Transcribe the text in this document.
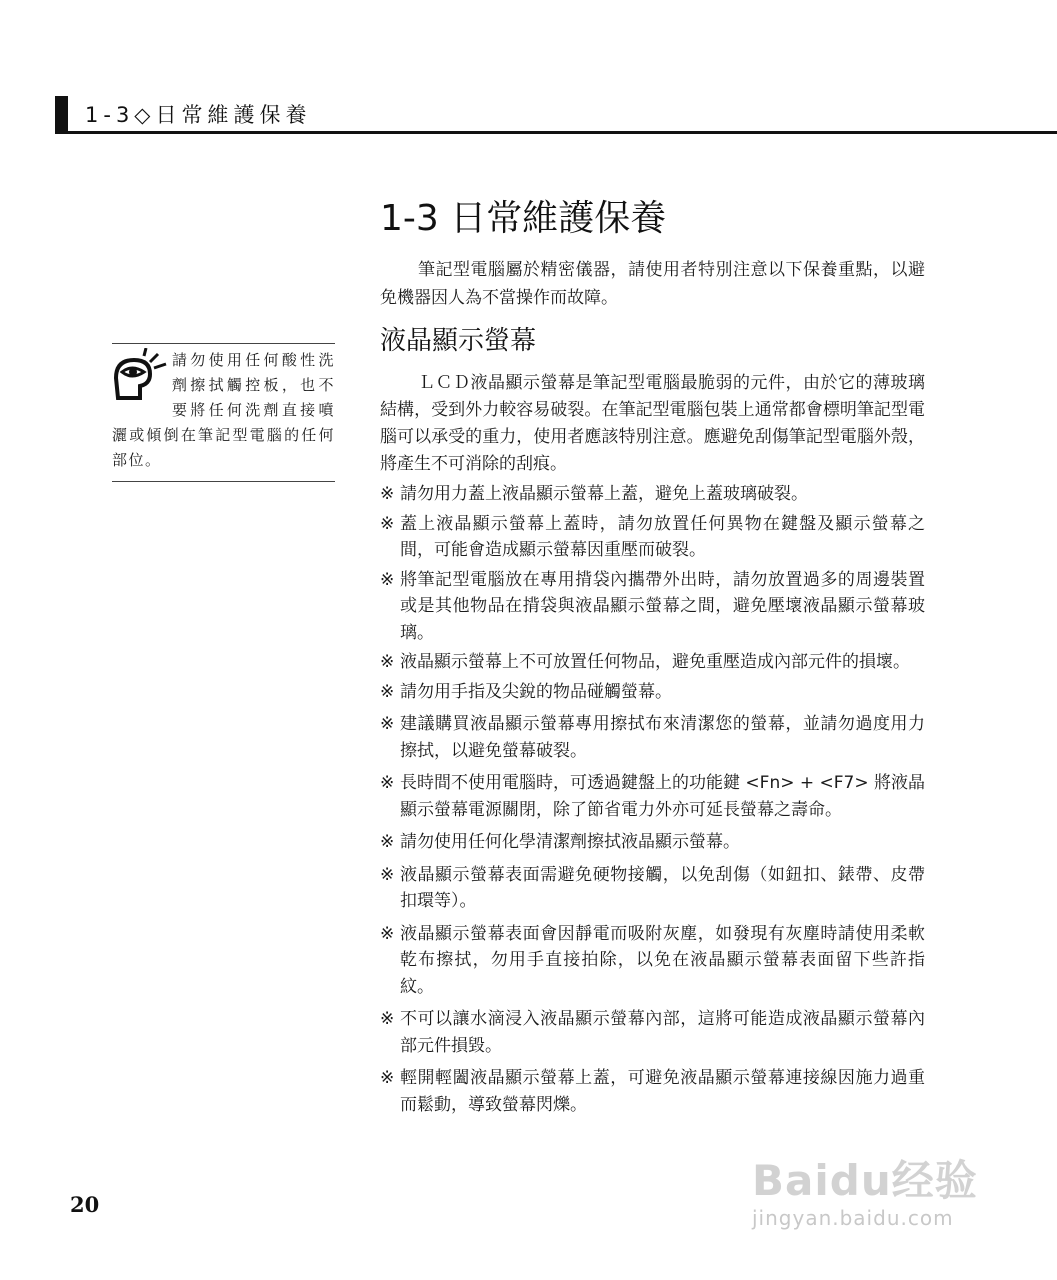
1-3◇日常維護保養
1-3 日常維護保養

筆記型電腦屬於精密儀器，請使用者特別注意以下保養重點，以避免機器因人為不當操作而故障。

液晶顯示螢幕

ＬＣＤ液晶顯示螢幕是筆記型電腦最脆弱的元件，由於它的薄玻璃結構，受到外力較容易破裂。在筆記型電腦包裝上通常都會標明筆記型電腦可以承受的重力，使用者應該特別注意。應避免刮傷筆記型電腦外殼，將產生不可消除的刮痕。

※ 請勿用力蓋上液晶顯示螢幕上蓋，避免上蓋玻璃破裂。
※ 蓋上液晶顯示螢幕上蓋時，請勿放置任何異物在鍵盤及顯示螢幕之間，可能會造成顯示螢幕因重壓而破裂。
※ 將筆記型電腦放在專用揹袋內攜帶外出時，請勿放置過多的周邊裝置或是其他物品在揹袋與液晶顯示螢幕之間，避免壓壞液晶顯示螢幕玻璃。
※ 液晶顯示螢幕上不可放置任何物品，避免重壓造成內部元件的損壞。
※ 請勿用手指及尖銳的物品碰觸螢幕。
※ 建議購買液晶顯示螢幕專用擦拭布來清潔您的螢幕，並請勿過度用力擦拭，以避免螢幕破裂。
※ 長時間不使用電腦時，可透過鍵盤上的功能鍵 <Fn> + <F7> 將液晶顯示螢幕電源關閉，除了節省電力外亦可延長螢幕之壽命。
※ 請勿使用任何化學清潔劑擦拭液晶顯示螢幕。
※ 液晶顯示螢幕表面需避免硬物接觸，以免刮傷（如鈕扣、錶帶、皮帶扣環等）。
※ 液晶顯示螢幕表面會因靜電而吸附灰塵，如發現有灰塵時請使用柔軟乾布擦拭，勿用手直接拍除，以免在液晶顯示螢幕表面留下些許指紋。
※ 不可以讓水滴浸入液晶顯示螢幕內部，這將可能造成液晶顯示螢幕內部元件損毀。
※ 輕開輕闔液晶顯示螢幕上蓋，可避免液晶顯示螢幕連接線因施力過重而鬆動，導致螢幕閃爍。

請勿使用任何酸性洗劑擦拭觸控板，也不要將任何洗劑直接噴灑或傾倒在筆記型電腦的任何部位。

20	Baidu经验
jingyan.baidu.com
